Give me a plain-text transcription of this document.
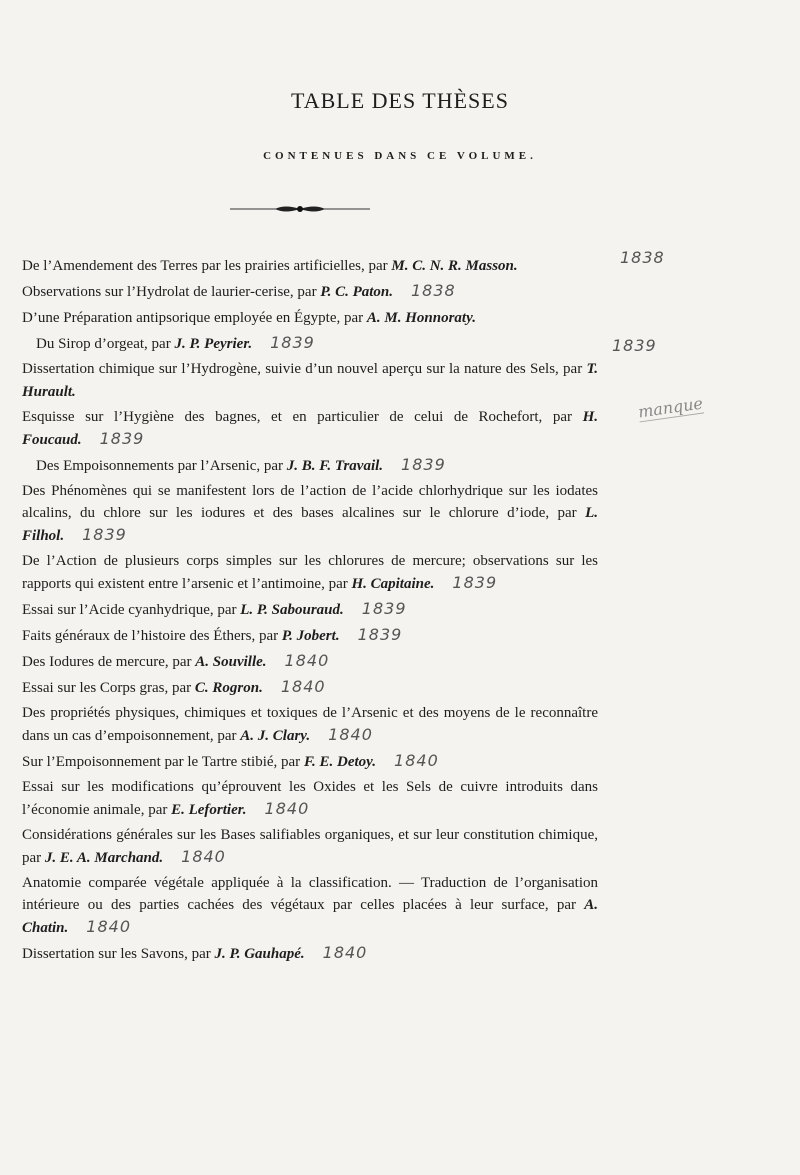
TABLE DES THÈSES
CONTENUES DANS CE VOLUME.

De l’Amendement des Terres par les prairies artificielles, par M. C. N. R. Masson.

Observations sur l’Hydrolat de laurier-cerise, par P. C. Paton. 1838

D’une Préparation antipsorique employée en Égypte, par A. M. Honnoraty.

Du Sirop d’orgeat, par J. P. Peyrier. 1839

Dissertation chimique sur l’Hydrogène, suivie d’un nouvel aperçu sur la nature des Sels, par T. Hurault.

Esquisse sur l’Hygiène des bagnes, et en particulier de celui de Rochefort, par H. Foucaud. 1839

Des Empoisonnements par l’Arsenic, par J. B. F. Travail. 1839

Des Phénomènes qui se manifestent lors de l’action de l’acide chlorhydrique sur les iodates alcalins, du chlore sur les iodures et des bases alcalines sur le chlorure d’iode, par L. Filhol. 1839

De l’Action de plusieurs corps simples sur les chlorures de mercure; observations sur les rapports qui existent entre l’arsenic et l’antimoine, par H. Capitaine. 1839

Essai sur l’Acide cyanhydrique, par L. P. Sabouraud. 1839

Faits généraux de l’histoire des Éthers, par P. Jobert. 1839

Des Iodures de mercure, par A. Souville. 1840

Essai sur les Corps gras, par C. Rogron. 1840

Des propriétés physiques, chimiques et toxiques de l’Arsenic et des moyens de le reconnaître dans un cas d’empoisonnement, par A. J. Clary. 1840

Sur l’Empoisonnement par le Tartre stibié, par F. E. Detoy. 1840

Essai sur les modifications qu’éprouvent les Oxides et les Sels de cuivre introduits dans l’économie animale, par E. Lefortier. 1840

Considérations générales sur les Bases salifiables organiques, et sur leur constitution chimique, par J. E. A. Marchand. 1840

Anatomie comparée végétale appliquée à la classification. — Traduction de l’organisation intérieure ou des parties cachées des végétaux par celles placées à leur surface, par A. Chatin. 1840

Dissertation sur les Savons, par J. P. Gauhapé. 1840

1838
1839
manque
